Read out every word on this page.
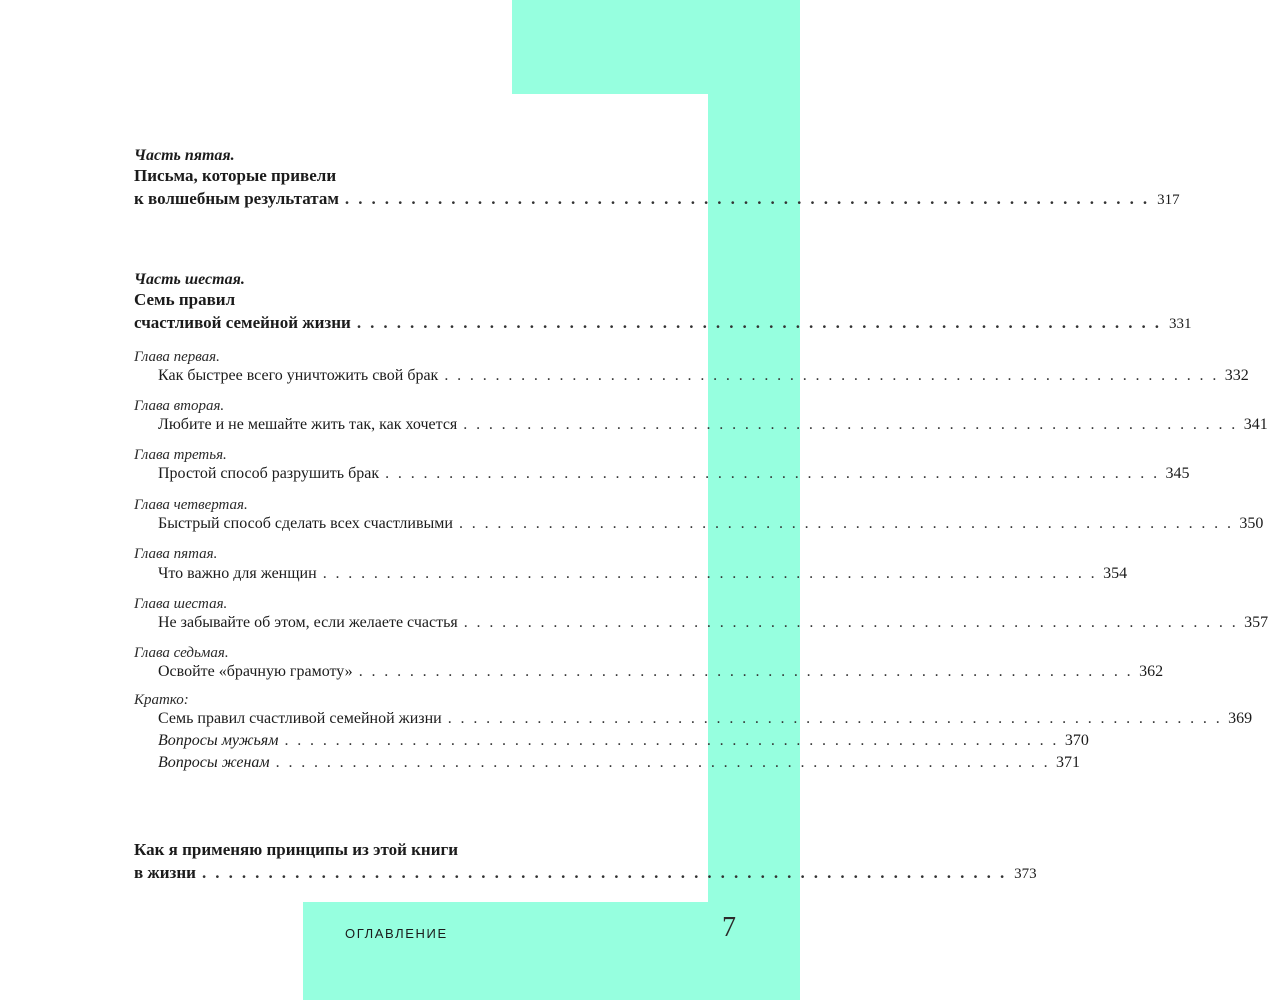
Часть пятая.
Письма, которые привели
к волшебным результатам . . . . . . . . . . . . . . . . . . . . . . . . . . . . . . . . . . . . . . . . . . . . . . . . . . . . . . . . . . . . . 317
Часть шестая.
Семь правил
счастливой семейной жизни . . . . . . . . . . . . . . . . . . . . . . . . . . . . . . . . . . . . . . . . . . . . . . . . . . . . . . . . . . . . . 331
Глава первая.
Как быстрее всего уничтожить свой брак . . . . . . . . . . . . . . . . . . . . . . . . . . . . . . . . . . . . . . . . . . . . . . . . . . . . . . . . . . . . . 332
Глава вторая.
Любите и не мешайте жить так, как хочется . . . . . . . . . . . . . . . . . . . . . . . . . . . . . . . . . . . . . . . . . . . . . . . . . . . . . . . . . . . . . 341
Глава третья.
Простой способ разрушить брак . . . . . . . . . . . . . . . . . . . . . . . . . . . . . . . . . . . . . . . . . . . . . . . . . . . . . . . . . . . . . 345
Глава четвертая.
Быстрый способ сделать всех счастливыми . . . . . . . . . . . . . . . . . . . . . . . . . . . . . . . . . . . . . . . . . . . . . . . . . . . . . . . . . . . . . 350
Глава пятая.
Что важно для женщин . . . . . . . . . . . . . . . . . . . . . . . . . . . . . . . . . . . . . . . . . . . . . . . . . . . . . . . . . . . . . 354
Глава шестая.
Не забывайте об этом, если желаете счастья . . . . . . . . . . . . . . . . . . . . . . . . . . . . . . . . . . . . . . . . . . . . . . . . . . . . . . . . . . . . . 357
Глава седьмая.
Освойте «брачную грамоту» . . . . . . . . . . . . . . . . . . . . . . . . . . . . . . . . . . . . . . . . . . . . . . . . . . . . . . . . . . . . . 362
Кратко:
Семь правил счастливой семейной жизни . . . . . . . . . . . . . . . . . . . . . . . . . . . . . . . . . . . . . . . . . . . . . . . . . . . . . . . . . . . . . 369
Вопросы мужьям . . . . . . . . . . . . . . . . . . . . . . . . . . . . . . . . . . . . . . . . . . . . . . . . . . . . . . . . . . . . . 370
Вопросы женам . . . . . . . . . . . . . . . . . . . . . . . . . . . . . . . . . . . . . . . . . . . . . . . . . . . . . . . . . . . . . 371
Как я применяю принципы из этой книги
в жизни . . . . . . . . . . . . . . . . . . . . . . . . . . . . . . . . . . . . . . . . . . . . . . . . . . . . . . . . . . . . . 373
ОГЛАВЛЕНИЕ	7
